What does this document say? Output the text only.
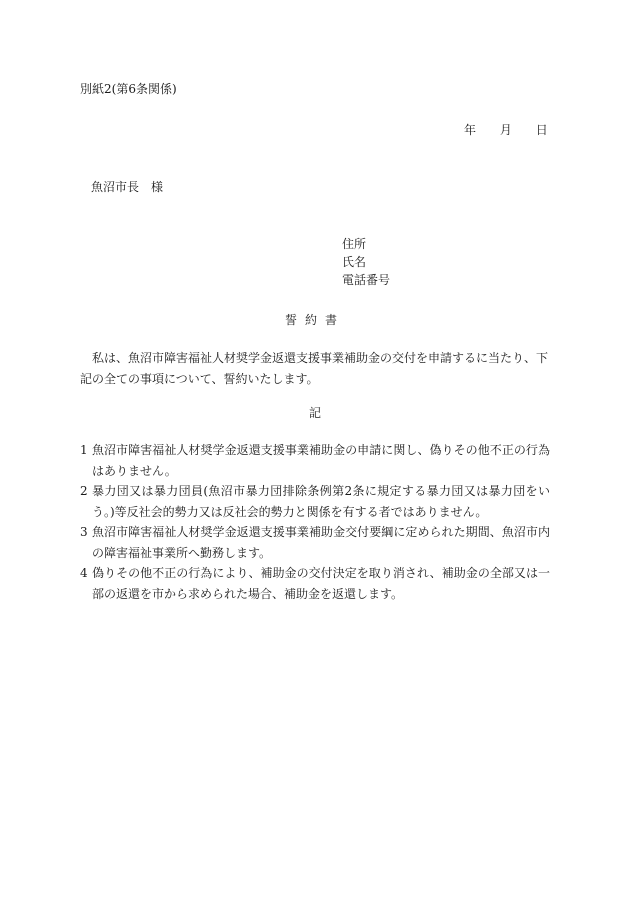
別紙2(第6条関係)
年 月 日
魚沼市長　様
住所
氏名
電話番号
誓約書
私は、魚沼市障害福祉人材奨学金返還支援事業補助金の交付を申請するに当たり、下記の全ての事項について、誓約いたします。
記
1 魚沼市障害福祉人材奨学金返還支援事業補助金の申請に関し、偽りその他不正の行為はありません。
2 暴力団又は暴力団員(魚沼市暴力団排除条例第2条に規定する暴力団又は暴力団をいう。)等反社会的勢力又は反社会的勢力と関係を有する者ではありません。
3 魚沼市障害福祉人材奨学金返還支援事業補助金交付要綱に定められた期間、魚沼市内の障害福祉事業所へ勤務します。
4 偽りその他不正の行為により、補助金の交付決定を取り消され、補助金の全部又は一部の返還を市から求められた場合、補助金を返還します。
